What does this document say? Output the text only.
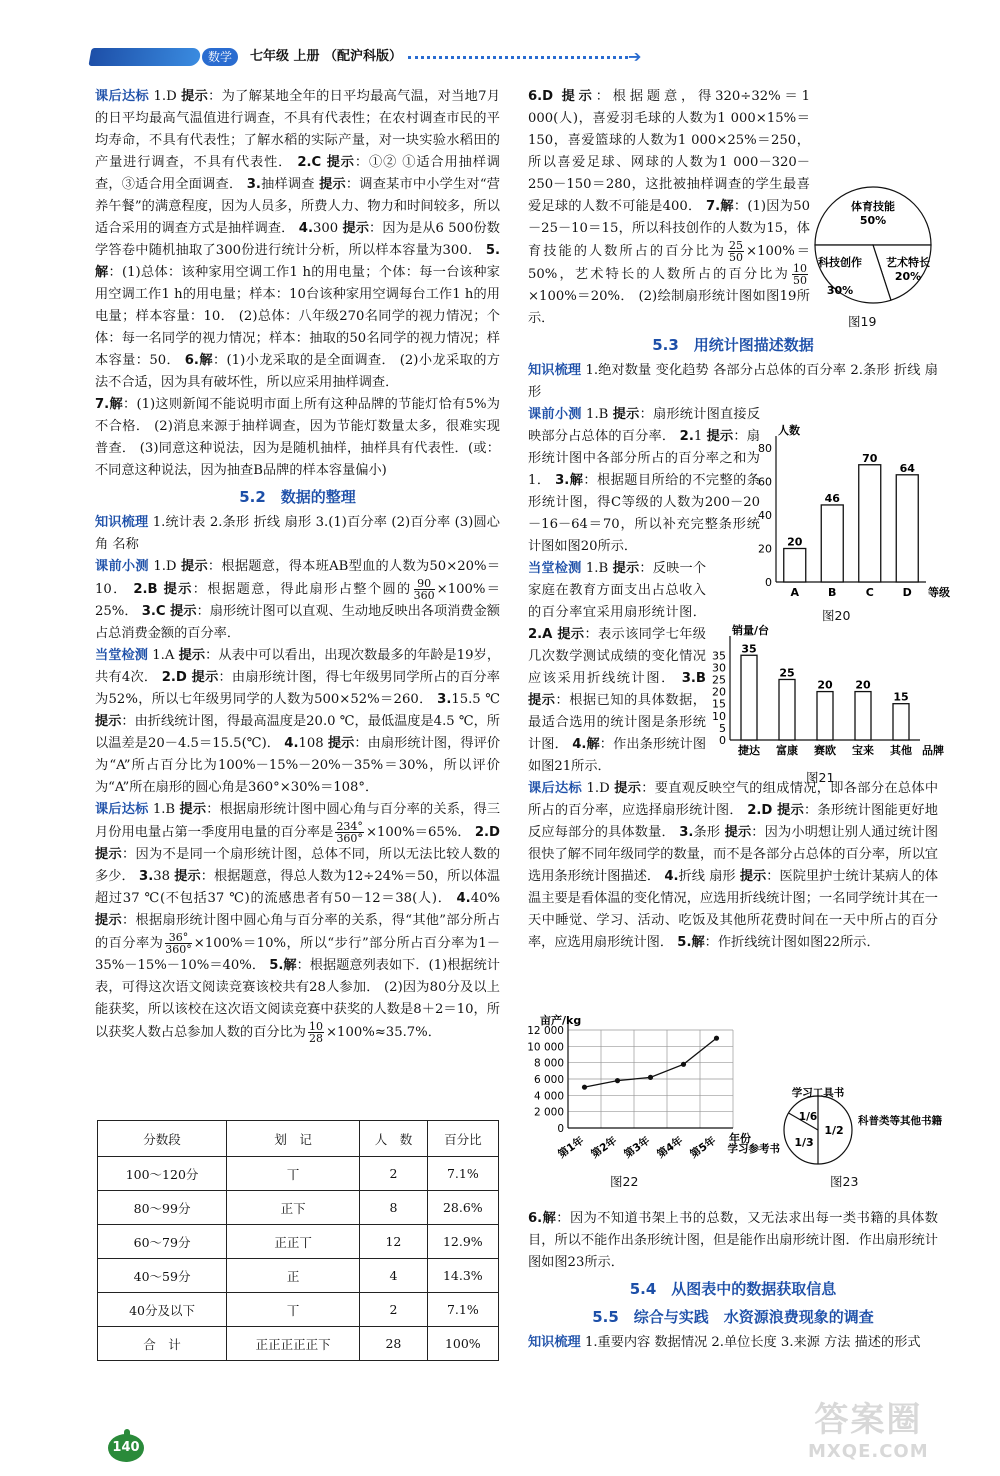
数学	七年级 上册 （配沪科版）	➔

课后达标 1.D 提示：为了解某地全年的日平均最高气温，对当地7月的日平均最高气温值进行调查，不具有代表性；在农村调查市民的平均寿命，不具有代表性；了解水稻的实际产量，对一块实验水稻田的产量进行调查，不具有代表性． 2.C 提示：①② ①适合用抽样调查，③适合用全面调查． 3.抽样调查 提示：调查某市中小学生对“营养午餐”的满意程度，因为人员多，所费人力、物力和时间较多，所以适合采用的调查方式是抽样调查． 4.300 提示：因为是从6 500份数学答卷中随机抽取了300份进行统计分析，所以样本容量为300． 5.解：(1)总体：该种家用空调工作1 h的用电量；个体：每一台该种家用空调工作1 h的用电量；样本：10台该种家用空调每台工作1 h的用电量；样本容量：10． (2)总体：八年级270名同学的视力情况；个体：每一名同学的视力情况；样本：抽取的50名同学的视力情况；样本容量：50． 6.解：(1)小龙采取的是全面调查． (2)小龙采取的方法不合适，因为具有破坏性，所以应采用抽样调查．

7.解：(1)这则新闻不能说明市面上所有这种品牌的节能灯恰有5%为不合格． (2)消息来源于抽样调查，因为节能灯数量太多，很难实现普查． (3)同意这种说法，因为是随机抽样，抽样具有代表性．(或：不同意这种说法，因为抽查B品牌的样本容量偏小)

5.2　数据的整理

知识梳理 1.统计表 2.条形 折线 扇形 3.(1)百分率 (2)百分率 (3)圆心角 名称

课前小测 1.D 提示：根据题意，得本班AB型血的人数为50×20%＝10． 2.B 提示：根据题意，得此扇形占整个圆的 $\frac{90}{360} \times 100\%=25\%$． 3.C 提示：扇形统计图可以直观、生动地反映出各项消费金额占总消费金额的百分率．

当堂检测 1.A 提示：从表中可以看出，出现次数最多的年龄是19岁，共有4次． 2.D 提示：由扇形统计图，得七年级男同学所占的百分率为52%，所以七年级男同学的人数为500×52%＝260． 3.15.5 ℃ 提示：由折线统计图，得最高温度是20.0 ℃，最低温度是4.5 ℃，所以温差是20－4.5＝15.5(℃)． 4.108 提示：由扇形统计图，得评价为“A”所占百分比为100%－15%－20%－35%＝30%，所以评价为“A”所在扇形的圆心角是360°×30%＝108°．

课后达标 1.B 提示：根据扇形统计图中圆心角与百分率的关系，得三月份用电量占第一季度用电量的百分率是 $\frac{234^\circ}{360^\circ} \times 100\%=65\%$． 2.D 提示：因为不是同一个扇形统计图，总体不同，所以无法比较人数的多少． 3.38 提示：根据题意，得总人数为12÷24%＝50，所以体温超过37 ℃(不包括37 ℃)的流感患者有50－12＝38(人)． 4.40% 提示：根据扇形统计图中圆心角与百分率的关系，得“其他”部分所占的百分率为 $\frac{36^\circ}{360^\circ} \times 100\%=10\%$，所以“步行”部分所占百分率为1－35%－15%－10%＝40%． 5.解：根据题意列表如下．(1)根据统计表，可得这次语文阅读竞赛该校共有28人参加． (2)因为80分及以上能获奖，所以该校在这次语文阅读竞赛中获奖的人数是8＋2＝10，所以获奖人数占总参加人数的百分比为 $\frac{10}{28} \times 100\%\approx 35.7\%$．

分数段	划　记	人　数	百分比
100～120分	丅	2	7.1%
80～99分	正下	8	28.6%
60～79分	正正丅	12	12.9%
40～59分	正	4	14.3%
40分及以下	丅	2	7.1%
合　计	正正正正正下	28	100%

6.D 提示：根据题意，得320÷32%＝1 000(人)，喜爱羽毛球的人数为1 000×15%＝150，喜爱篮球的人数为1 000×25%＝250，所以喜爱足球、网球的人数为1 000－320－250－150＝280，这批被抽样调查的学生最喜爱足球的人数不可能是400． 7.解：(1)因为50－25－10＝15，所以科技创作的人数为15，体育技能的人数所占的百分比为 $\frac{25}{50} \times 100\%=50\%$，艺术特长的人数所占的百分比为 $\frac{10}{50}$
×100%＝20%． (2)绘制扇形统计图如图19所示．

5.3　用统计图描述数据

知识梳理 1.绝对数量 变化趋势 各部分占总体的百分率 2.条形 折线 扇形

课前小测 1.B 提示：扇形统计图直接反映部分占总体的百分率． 2.1 提示：扇形统计图中各部分所占的百分率之和为1． 3.解：根据题目所给的不完整的条形统计图，得C等级的人数为200－20－16－64＝70，所以补充完整条形统计图如图20所示．

当堂检测 1.B 提示：反映一个家庭在教育方面支出占总收入的百分率宜采用扇形统计图． 2.A 提示：表示该同学七年级几次数学测试成绩的变化情况应该采用折线统计图． 3.B 提示：根据已知的具体数据，最适合选用的统计图是条形统计图． 4.解：作出条形统计图如图21所示．

课后达标 1.D 提示：要直观反映空气的组成情况，即各部分在总体中所占的百分率，应选择扇形统计图． 2.D 提示：条形统计图能更好地反应每部分的具体数量． 3.条形 提示：因为小明想让别人通过统计图很快了解不同年级同学的数量，而不是各部分占总体的百分率，所以宜选用条形统计图描述． 4.折线 扇形 提示：医院里护士统计某病人的体温主要是看体温的变化情况，应选用折线统计图；一名同学统计其在一天中睡觉、学习、活动、吃饭及其他所花费时间在一天中所占的百分率，应选用扇形统计图． 5.解：作折线统计图如图22所示．

6.解：因为不知道书架上书的总数，又无法求出每一类书籍的具体数目，所以不能作出条形统计图，但是能作出扇形统计图．作出扇形统计图如图23所示．

5.4　从图表中的数据获取信息
5.5　综合与实践　水资源浪费现象的调查

知识梳理 1.重要内容 数据情况 2.单位长度 3.来源 方法 描述的形式

体育技能
50%
艺术特长
20%
科技创作
30%
图19
0
20
40
60
80
人数
等级
20
A
46
B
70
C
64
D
图20
0
5
10
15
20
25
30
35
销量/台
品牌
35
捷达
25
富康
20
赛欧
20
宝来
15
其他
图21
0
2 000
4 000
6 000
8 000
10 000
12 000
亩产/kg
第1年 第2年 第3年 第4年 第5年 年份
图22
学习工具书
1/6
1/2
科普类等其他书籍
1/3
学习参考书
图23
140
答案圈
MXQE.COM
